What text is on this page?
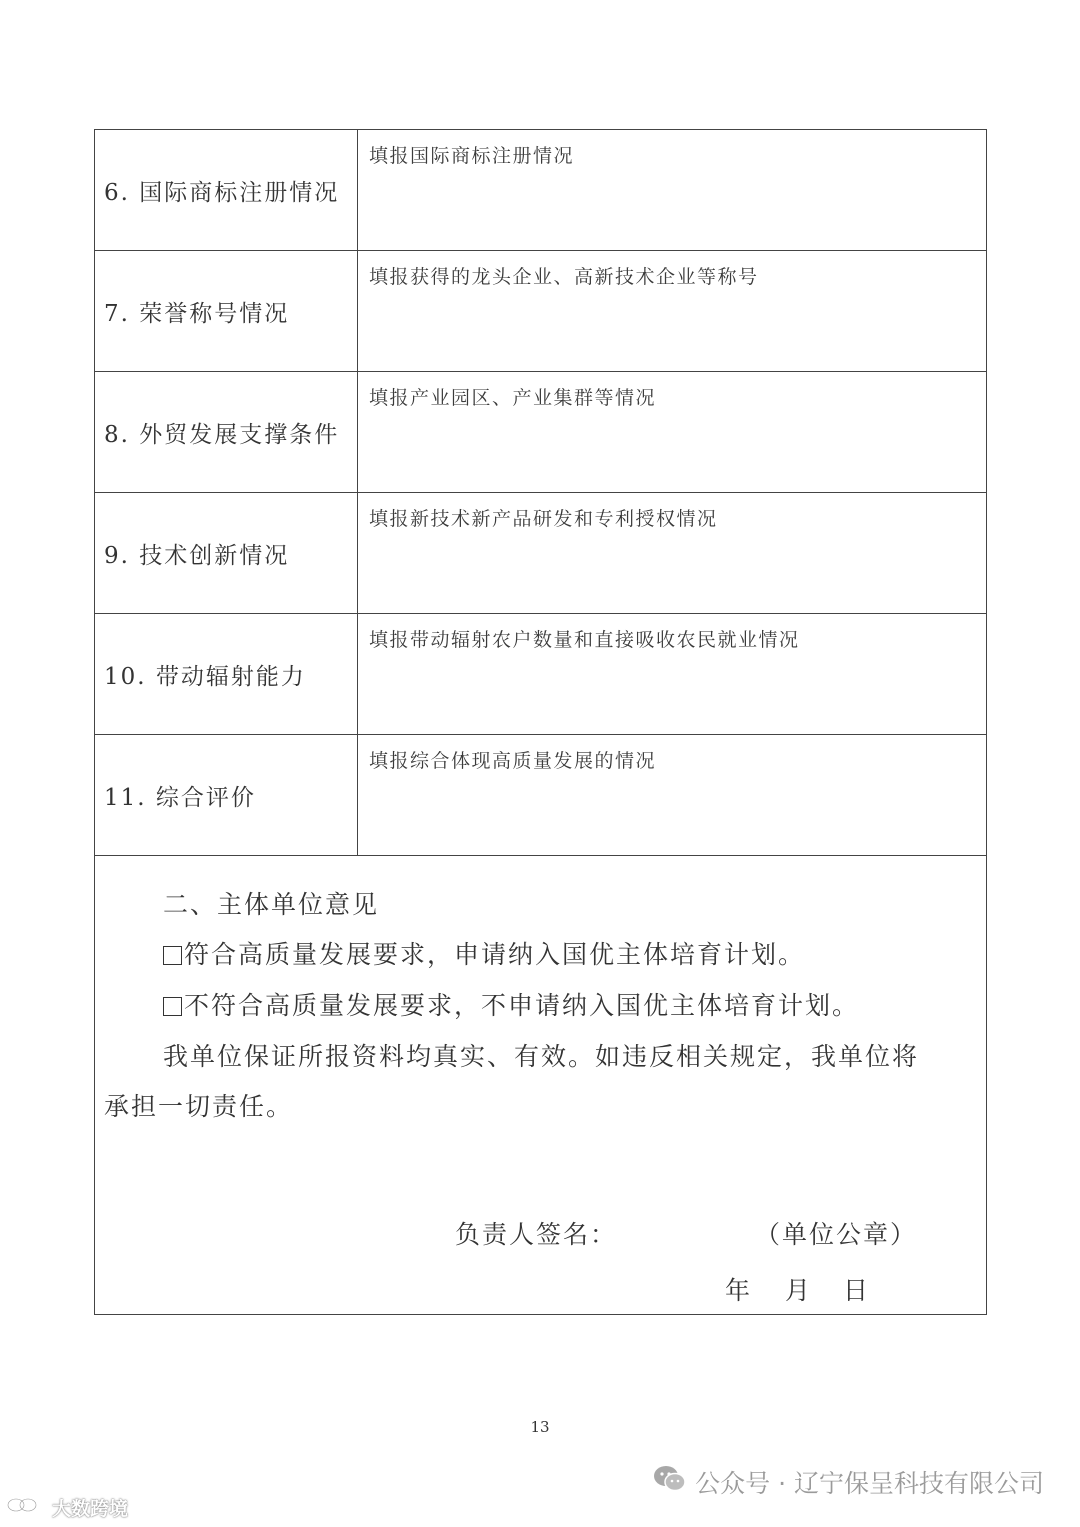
6. 国际商标注册情况
填报国际商标注册情况
7. 荣誉称号情况
填报获得的龙头企业、高新技术企业等称号
8. 外贸发展支撑条件
填报产业园区、产业集群等情况
9. 技术创新情况
填报新技术新产品研发和专利授权情况
10. 带动辐射能力
填报带动辐射农户数量和直接吸收农民就业情况
11. 综合评价
填报综合体现高质量发展的情况
二、主体单位意见
符合高质量发展要求，申请纳入国优主体培育计划。
不符合高质量发展要求，不申请纳入国优主体培育计划。
我单位保证所报资料均真实、有效。如违反相关规定，我单位将
承担一切责任。
负责人签名：	（单位公章）
年 月 日
13
公众号 · 辽宁保呈科技有限公司
大数跨境
